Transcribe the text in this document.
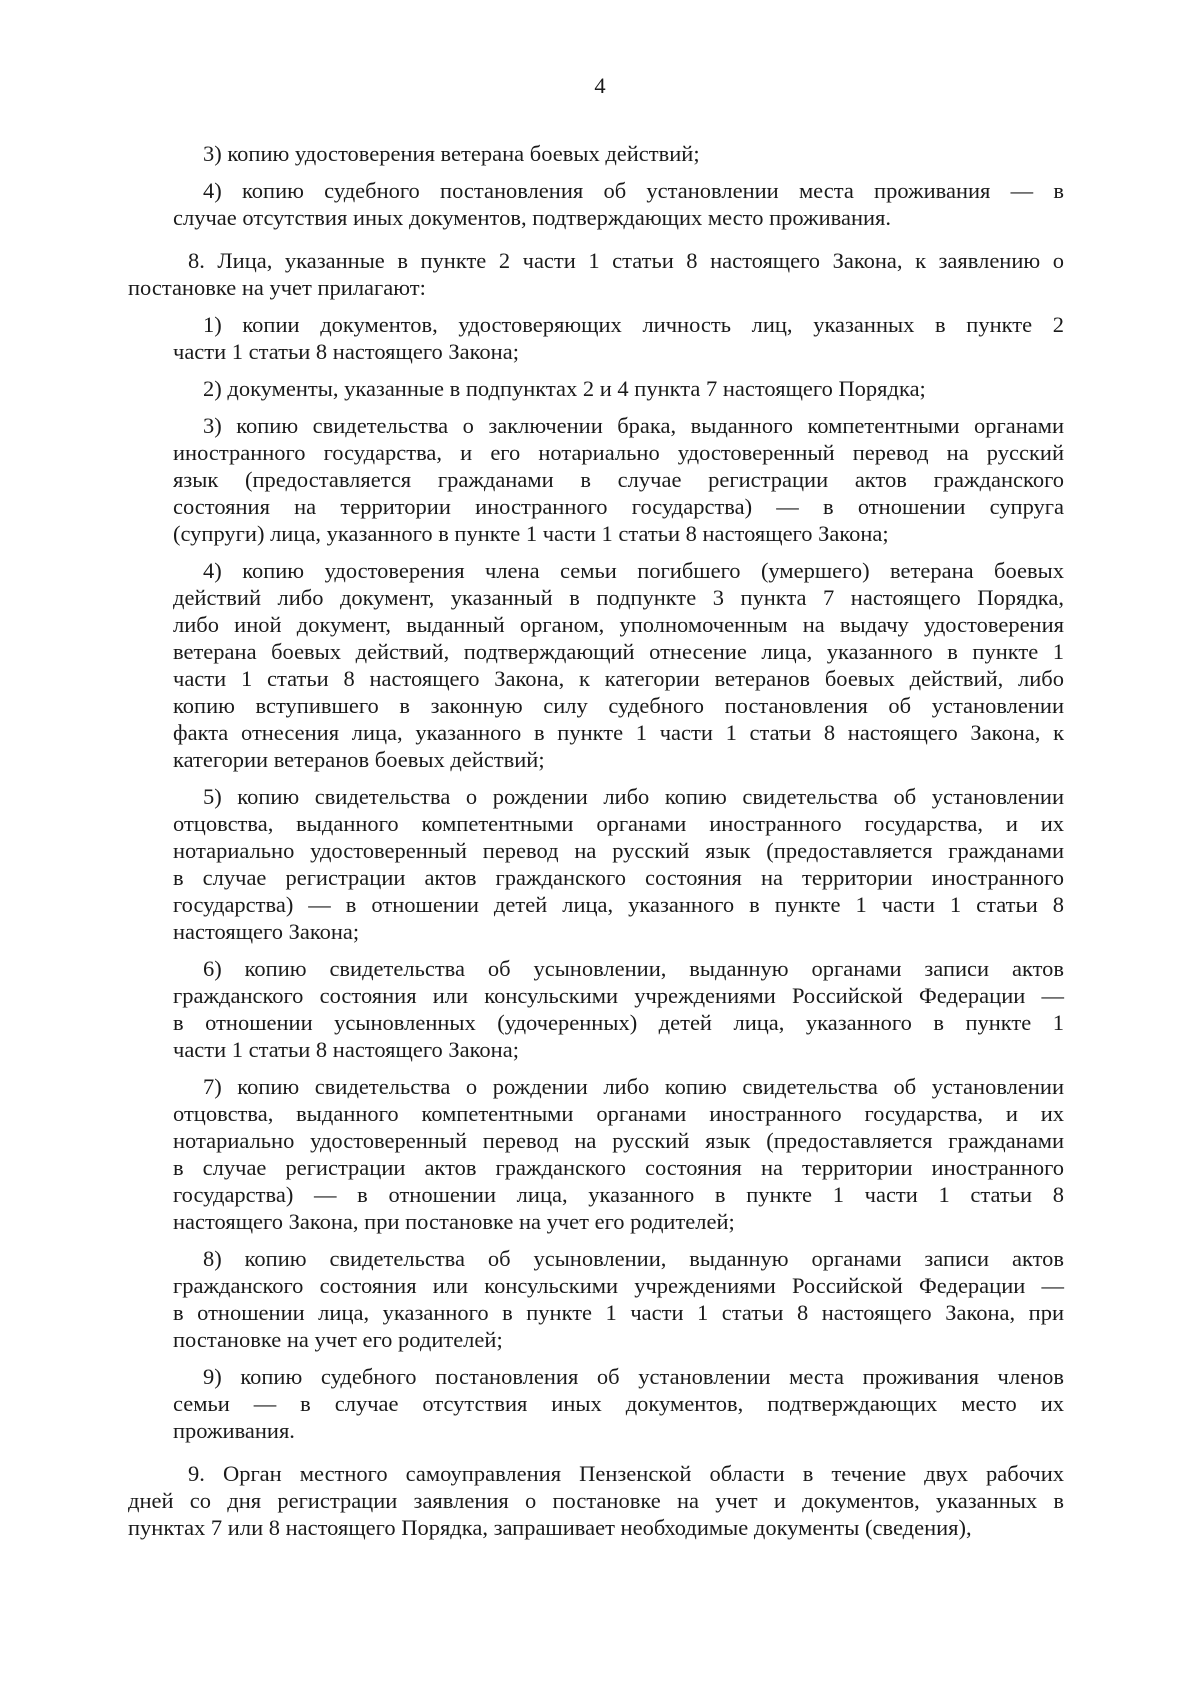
4
3) копию удостоверения ветерана боевых действий;
4) копию судебного постановления об установлении места проживания — в
случае отсутствия иных документов, подтверждающих место проживания.
8. Лица, указанные в пункте 2 части 1 статьи 8 настоящего Закона, к заявлению о
постановке на учет прилагают:
1) копии документов, удостоверяющих личность лиц, указанных в пункте 2
части 1 статьи 8 настоящего Закона;
2) документы, указанные в подпунктах 2 и 4 пункта 7 настоящего Порядка;
3) копию свидетельства о заключении брака, выданного компетентными органами
иностранного государства, и его нотариально удостоверенный перевод на русский
язык (предоставляется гражданами в случае регистрации актов гражданского
состояния на территории иностранного государства) — в отношении супруга
(супруги) лица, указанного в пункте 1 части 1 статьи 8 настоящего Закона;
4) копию удостоверения члена семьи погибшего (умершего) ветерана боевых
действий либо документ, указанный в подпункте 3 пункта 7 настоящего Порядка,
либо иной документ, выданный органом, уполномоченным на выдачу удостоверения
ветерана боевых действий, подтверждающий отнесение лица, указанного в пункте 1
части 1 статьи 8 настоящего Закона, к категории ветеранов боевых действий, либо
копию вступившего в законную силу судебного постановления об установлении
факта отнесения лица, указанного в пункте 1 части 1 статьи 8 настоящего Закона, к
категории ветеранов боевых действий;
5) копию свидетельства о рождении либо копию свидетельства об установлении
отцовства, выданного компетентными органами иностранного государства, и их
нотариально удостоверенный перевод на русский язык (предоставляется гражданами
в случае регистрации актов гражданского состояния на территории иностранного
государства) — в отношении детей лица, указанного в пункте 1 части 1 статьи 8
настоящего Закона;
6) копию свидетельства об усыновлении, выданную органами записи актов
гражданского состояния или консульскими учреждениями Российской Федерации —
в отношении усыновленных (удочеренных) детей лица, указанного в пункте 1
части 1 статьи 8 настоящего Закона;
7) копию свидетельства о рождении либо копию свидетельства об установлении
отцовства, выданного компетентными органами иностранного государства, и их
нотариально удостоверенный перевод на русский язык (предоставляется гражданами
в случае регистрации актов гражданского состояния на территории иностранного
государства) — в отношении лица, указанного в пункте 1 части 1 статьи 8
настоящего Закона, при постановке на учет его родителей;
8) копию свидетельства об усыновлении, выданную органами записи актов
гражданского состояния или консульскими учреждениями Российской Федерации —
в отношении лица, указанного в пункте 1 части 1 статьи 8 настоящего Закона, при
постановке на учет его родителей;
9) копию судебного постановления об установлении места проживания членов
семьи — в случае отсутствия иных документов, подтверждающих место их
проживания.
9. Орган местного самоуправления Пензенской области в течение двух рабочих
дней со дня регистрации заявления о постановке на учет и документов, указанных в
пунктах 7 или 8 настоящего Порядка, запрашивает необходимые документы (сведения),
